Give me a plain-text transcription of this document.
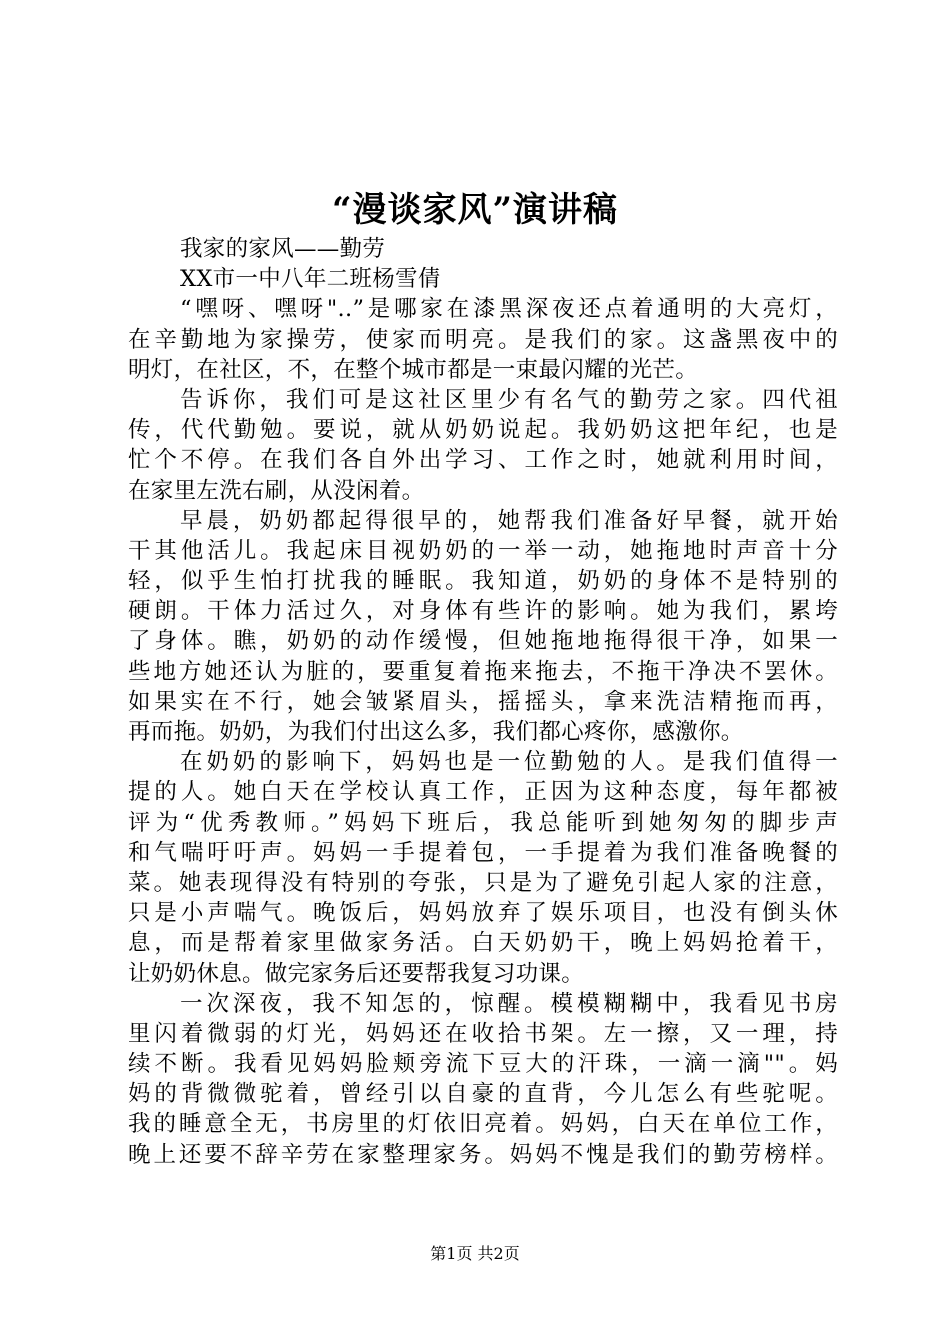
“漫谈家风”演讲稿

我家的家风——勤劳

XX市一中八年二班杨雪倩

“嘿呀、嘿呀"..”是哪家在漆黑深夜还点着通明的大亮灯，

在辛勤地为家操劳，使家而明亮。是我们的家。这盏黑夜中的

明灯，在社区，不，在整个城市都是一束最闪耀的光芒。

告诉你，我们可是这社区里少有名气的勤劳之家。四代祖

传，代代勤勉。要说，就从奶奶说起。我奶奶这把年纪，也是

忙个不停。在我们各自外出学习、工作之时，她就利用时间，

在家里左洗右刷，从没闲着。

早晨，奶奶都起得很早的，她帮我们准备好早餐，就开始

干其他活儿。我起床目视奶奶的一举一动，她拖地时声音十分

轻，似乎生怕打扰我的睡眠。我知道，奶奶的身体不是特别的

硬朗。干体力活过久，对身体有些许的影响。她为我们，累垮

了身体。瞧，奶奶的动作缓慢，但她拖地拖得很干净，如果一

些地方她还认为脏的，要重复着拖来拖去，不拖干净决不罢休。

如果实在不行，她会皱紧眉头，摇摇头，拿来洗洁精拖而再，

再而拖。奶奶，为我们付出这么多，我们都心疼你，感激你。

在奶奶的影响下，妈妈也是一位勤勉的人。是我们值得一

提的人。她白天在学校认真工作，正因为这种态度，每年都被

评为“优秀教师。”妈妈下班后，我总能听到她匆匆的脚步声

和气喘吁吁声。妈妈一手提着包，一手提着为我们准备晚餐的

菜。她表现得没有特别的夸张，只是为了避免引起人家的注意，

只是小声喘气。晚饭后，妈妈放弃了娱乐项目，也没有倒头休

息，而是帮着家里做家务活。白天奶奶干，晚上妈妈抢着干，

让奶奶休息。做完家务后还要帮我复习功课。

一次深夜，我不知怎的，惊醒。模模糊糊中，我看见书房

里闪着微弱的灯光，妈妈还在收拾书架。左一擦，又一理，持

续不断。我看见妈妈脸颊旁流下豆大的汗珠，一滴一滴""。妈

妈的背微微驼着，曾经引以自豪的直背，今儿怎么有些驼呢。

我的睡意全无，书房里的灯依旧亮着。妈妈，白天在单位工作，

晚上还要不辞辛劳在家整理家务。妈妈不愧是我们的勤劳榜样。

第1页 共2页
